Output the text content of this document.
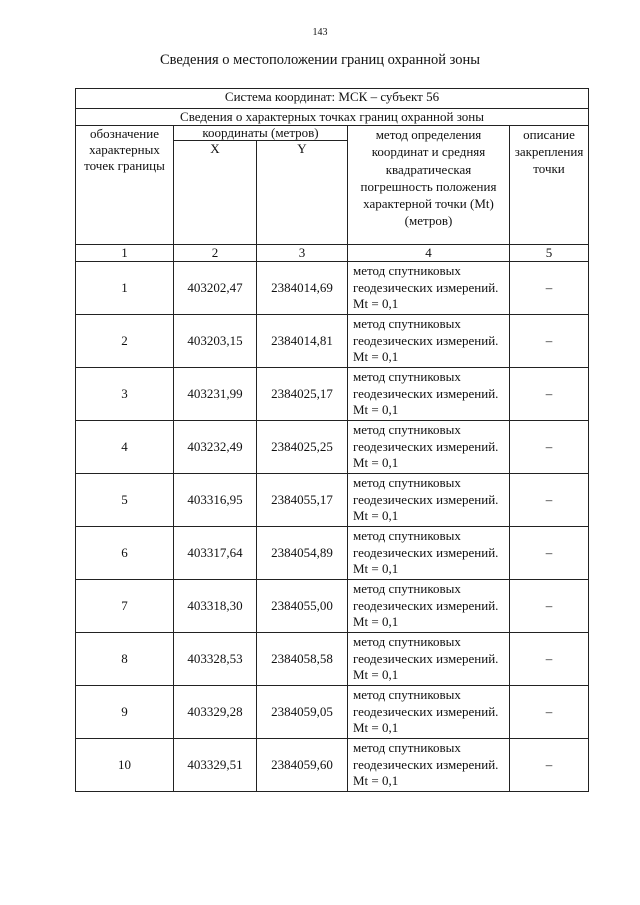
143
Сведения о местоположении границ охранной зоны
Система координат: МСК – субъект 56				
Сведения о характерных точках границ охранной зоны				
обозначение характерных точек границы	координаты (метров)		метод определения координат и средняя квадратическая погрешность положения характерной точки (Mt) (метров)	описание закрепления точки
	X	Y		
1	2	3	4	5
1	403202,47	2384014,69	метод спутниковых геодезических измерений. Mt = 0,1	–
2	403203,15	2384014,81	метод спутниковых геодезических измерений. Mt = 0,1	–
3	403231,99	2384025,17	метод спутниковых геодезических измерений. Mt = 0,1	–
4	403232,49	2384025,25	метод спутниковых геодезических измерений. Mt = 0,1	–
5	403316,95	2384055,17	метод спутниковых геодезических измерений. Mt = 0,1	–
6	403317,64	2384054,89	метод спутниковых геодезических измерений. Mt = 0,1	–
7	403318,30	2384055,00	метод спутниковых геодезических измерений. Mt = 0,1	–
8	403328,53	2384058,58	метод спутниковых геодезических измерений. Mt = 0,1	–
9	403329,28	2384059,05	метод спутниковых геодезических измерений. Mt = 0,1	–
10	403329,51	2384059,60	метод спутниковых геодезических измерений. Mt = 0,1	–
